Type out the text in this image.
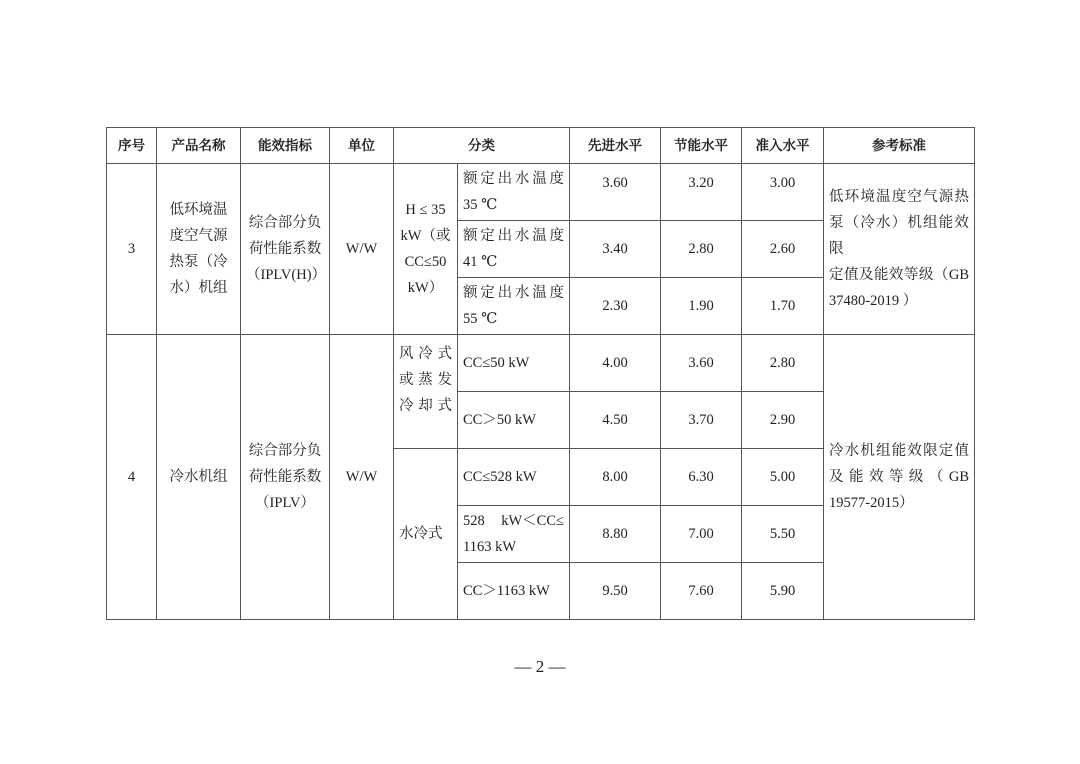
序号	产品名称	能效指标	单位	分类		先进水平	节能水平	准入水平	参考标准
3	低环境温
度空气源
热泵（冷
水）机组	综合部分负
荷性能系数
（IPLV(H)）	W/W	H ≤ 35
kW（或
CC≤50
kW）	额定出水温度
35 ℃	3.60	3.20	3.00	低环境温度空气源热
泵（冷水）机组能效限
定值及能效等级（GB
37480-2019 ）

					额定出水温度
41 ℃	3.40	2.80	2.60	

					额定出水温度
55 ℃	2.30	1.90	1.70	
4	冷水机组	综合部分负
荷性能系数
（IPLV）	W/W	风冷式
或蒸发
冷却式	CC≤50 kW	4.00	3.60	2.80	冷水机组能效限定值
及能效等级（GB
19577-2015）

					CC＞50 kW	4.50	3.70	2.90	
				水冷式	CC≤528 kW	8.00	6.30	5.00	

					528 kW＜CC≤
1163 kW	8.80	7.00	5.50	
					CC＞1163 kW	9.50	7.60	5.90	
— 2 —
